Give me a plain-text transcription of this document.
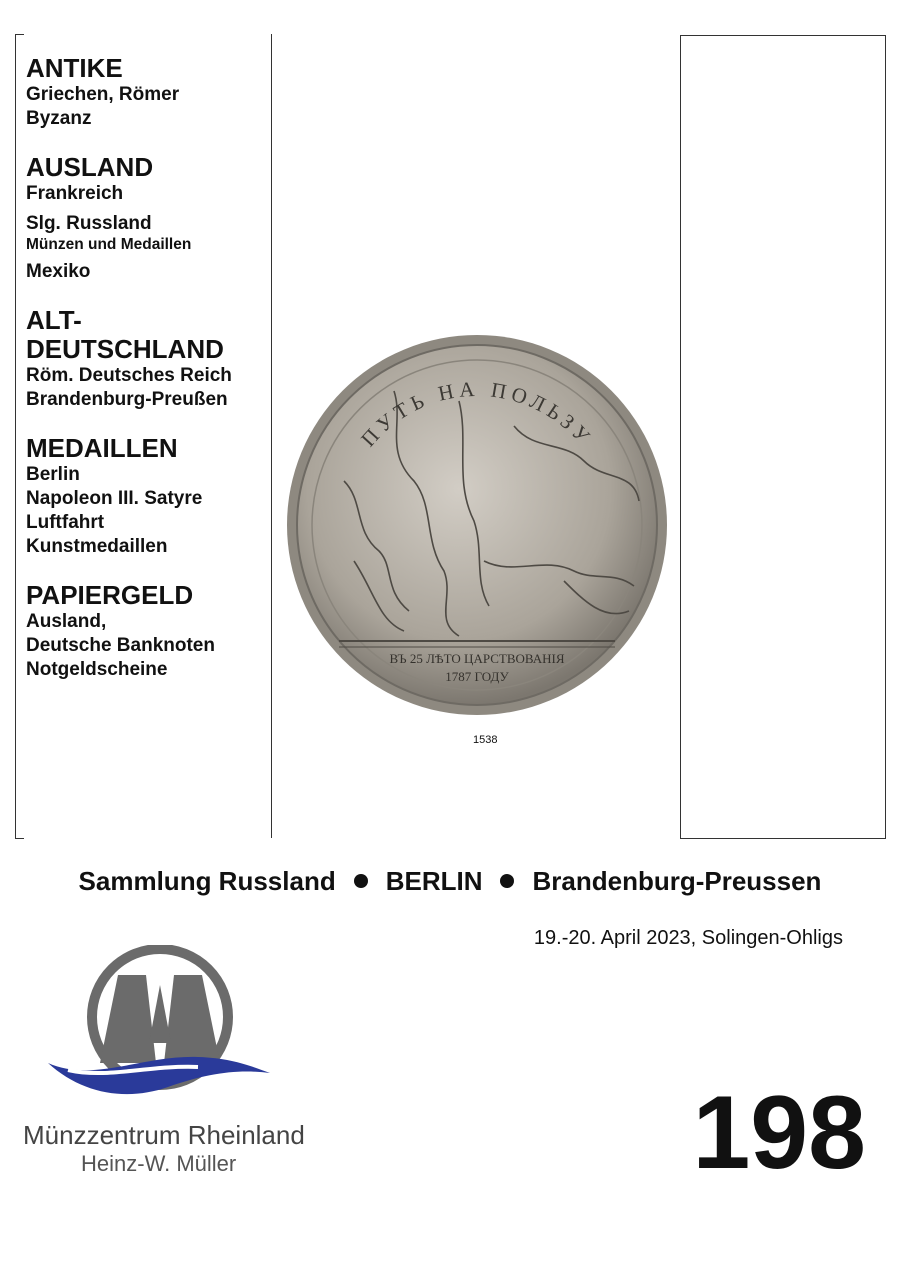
ANTIKE
Griechen, Römer
Byzanz
AUSLAND
Frankreich
Slg. Russland
Münzen und Medaillen
Mexiko
ALT-
DEUTSCHLAND
Röm. Deutsches Reich
Brandenburg-Preußen
MEDAILLEN
Berlin
Napoleon III. Satyre
Luftfahrt
Kunstmedaillen
PAPIERGELD
Ausland,
Deutsche Banknoten
Notgeldscheine
ПУТЬ НА ПОЛЬЗУ
ВЪ 25 ЛѢТО ЦАРСТВОВАНIЯ
1787 ГОДУ
1538
Sammlung Russland BERLIN Brandenburg-Preussen
19.-20. April 2023, Solingen-Ohligs
Münzzentrum Rheinland
Heinz-W. Müller	198
